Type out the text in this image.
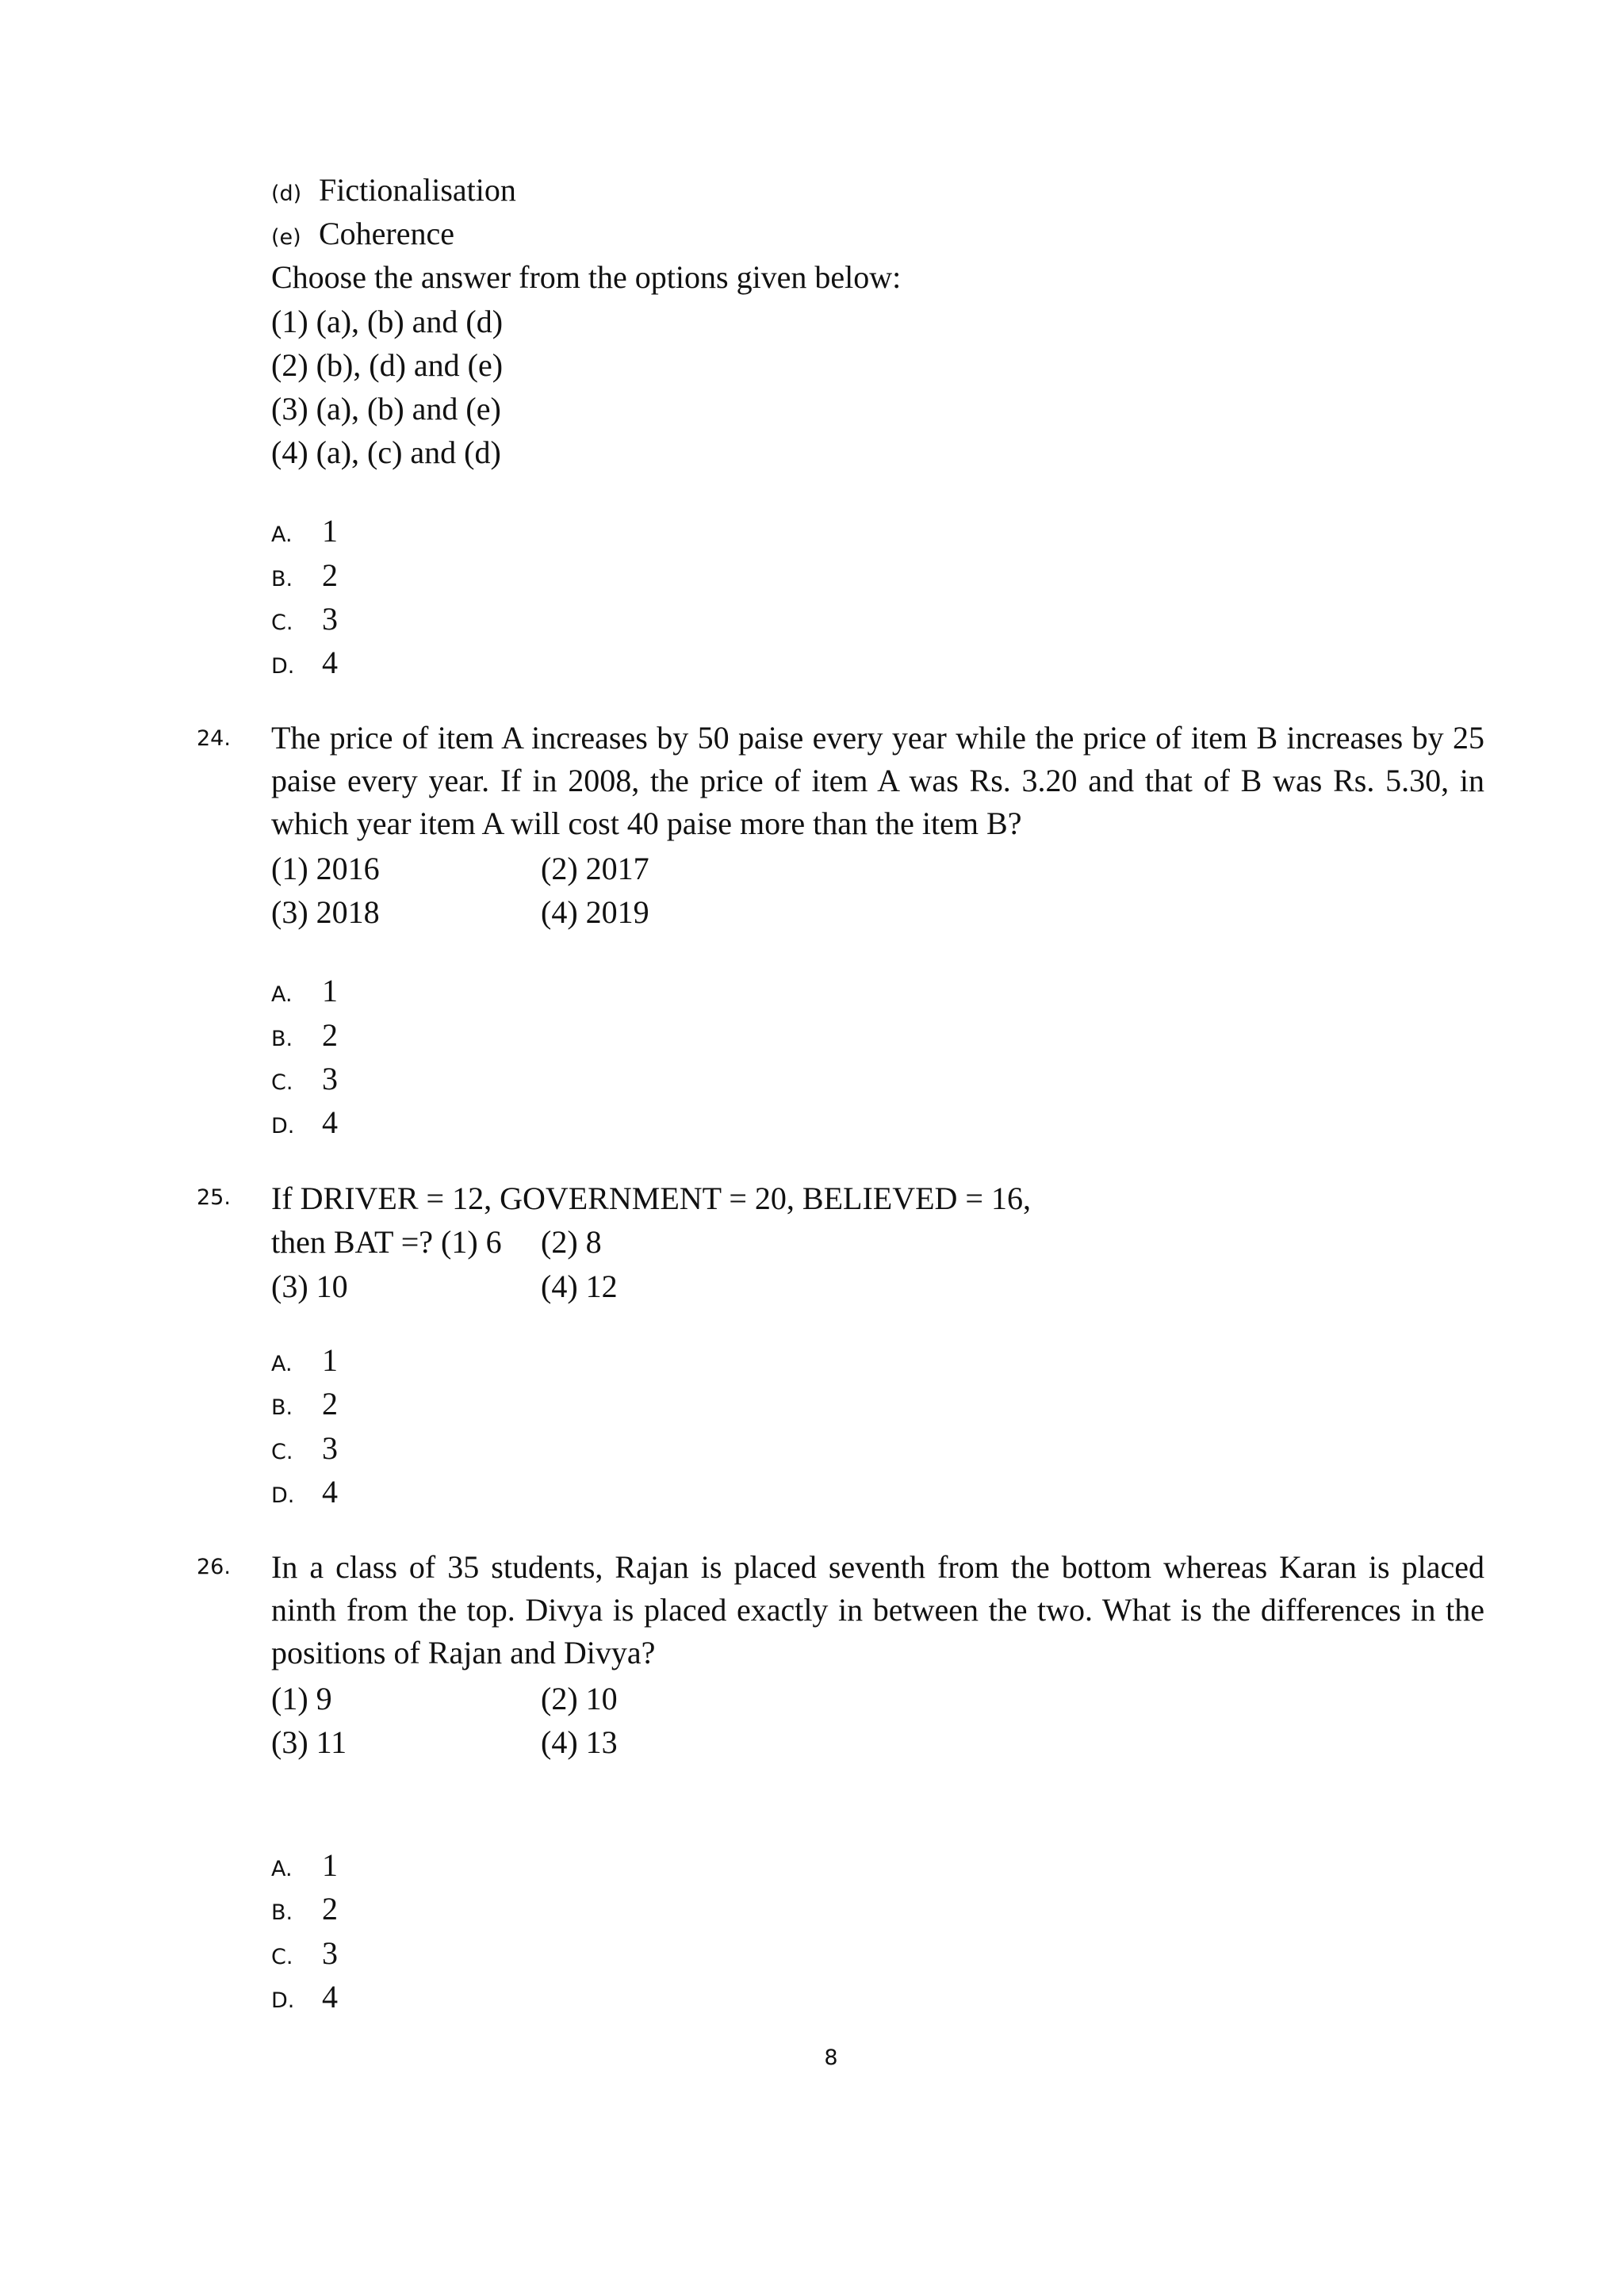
(d) Fictionalisation
(e) Coherence
Choose the answer from the options given below:
(1) (a), (b) and (d)
(2) (b), (d) and (e)
(3) (a), (b) and (e)
(4) (a), (c) and (d)
A. 1
B. 2
C. 3
D. 4
24. The price of item A increases by 50 paise every year while the price of item B increases by 25 paise every year. If in 2008, the price of item A was Rs. 3.20 and that of B was Rs. 5.30, in which year item A will cost 40 paise more than the item B?
(1) 2016	(2) 2017
(3) 2018	(4) 2019
A. 1
B. 2
C. 3
D. 4
25. If DRIVER = 12, GOVERNMENT = 20, BELIEVED = 16,
then BAT =? (1) 6 (2) 8
(3) 10	(4) 12
A. 1
B. 2
C. 3
D. 4
26. In a class of 35 students, Rajan is placed seventh from the bottom whereas Karan is placed ninth from the top. Divya is placed exactly in between the two. What is the differences in the positions of Rajan and Divya?
(1) 9	(2) 10
(3) 11	(4) 13
A. 1
B. 2
C. 3
D. 4
8
